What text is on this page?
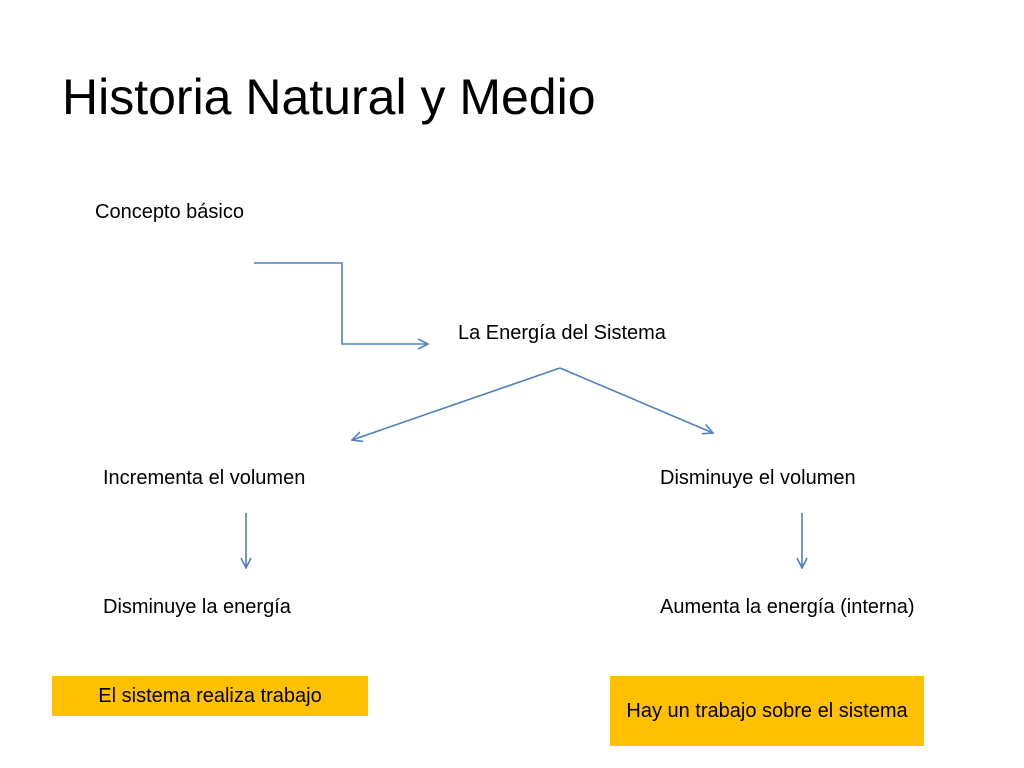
Historia Natural y Medio
Concepto básico
La Energía del Sistema
Incrementa el volumen	Disminuye el volumen
Disminuye la energía	Aumenta la energía (interna)
El sistema realiza trabajo
Hay un trabajo sobre el sistema
